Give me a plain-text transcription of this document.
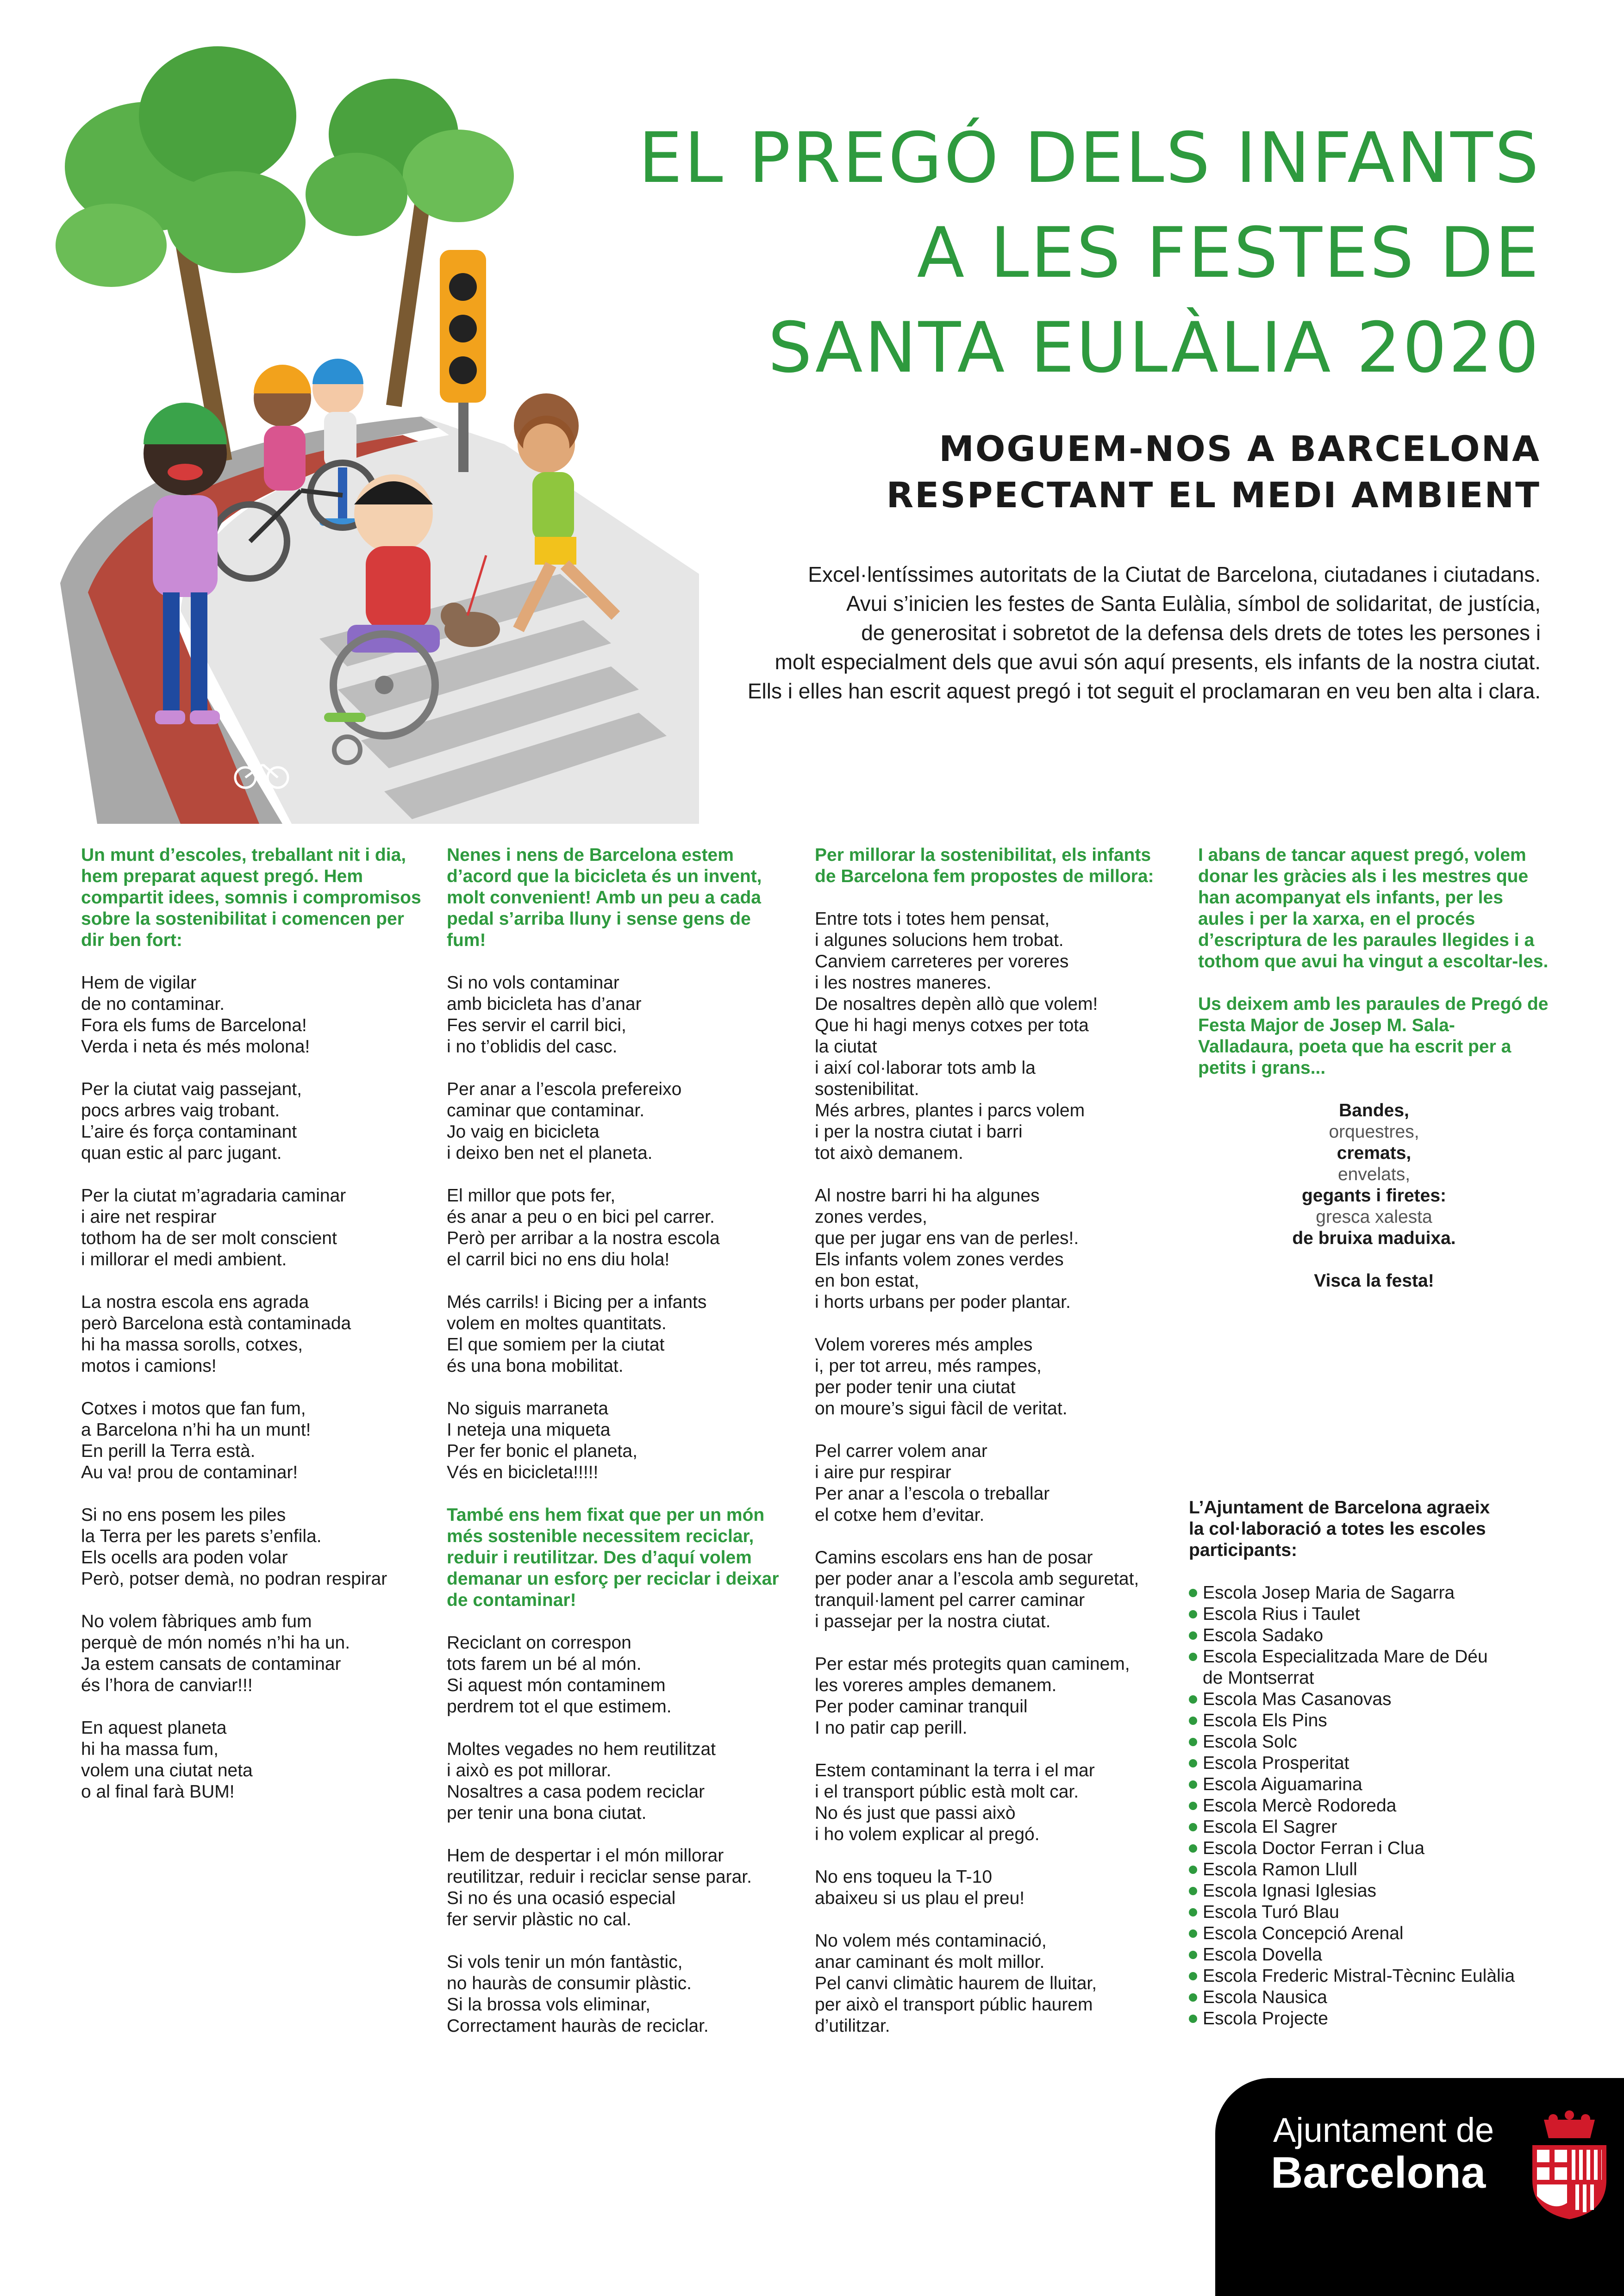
EL PREGÓ DELS INFANTS
A LES FESTES DE
SANTA EULÀLIA 2020
MOGUEM-NOS A BARCELONA
RESPECTANT EL MEDI AMBIENT
Excel·lentíssimes autoritats de la Ciutat de Barcelona, ciutadanes i ciutadans.
Avui s’inicien les festes de Santa Eulàlia, símbol de solidaritat, de justícia,
de generositat i sobretot de la defensa dels drets de totes les persones i
molt especialment dels que avui són aquí presents, els infants de la nostra ciutat.
Ells i elles han escrit aquest pregó i tot seguit el proclamaran en veu ben alta i clara.

Un munt d’escoles, treballant nit i dia, hem preparat aquest pregó. Hem compartit idees, somnis i compromisos sobre la sostenibilitat i comencen per dir ben fort:

Hem de vigilar
de no contaminar.
Fora els fums de Barcelona!
Verda i neta és més molona!

Per la ciutat vaig passejant,
pocs arbres vaig trobant.
L’aire és força contaminant
quan estic al parc jugant.

Per la ciutat m’agradaria caminar
i aire net respirar
tothom ha de ser molt conscient
i millorar el medi ambient.

La nostra escola ens agrada
però Barcelona està contaminada
hi ha massa sorolls, cotxes,
motos i camions!

Cotxes i motos que fan fum,
a Barcelona n’hi ha un munt!
En perill la Terra està.
Au va! prou de contaminar!

Si no ens posem les piles
la Terra per les parets s’enfila.
Els ocells ara poden volar
Però, potser demà, no podran respirar

No volem fàbriques amb fum
perquè de món només n’hi ha un.
Ja estem cansats de contaminar
és l’hora de canviar!!!

En aquest planeta
hi ha massa fum,
volem una ciutat neta
o al final farà BUM!

Nenes i nens de Barcelona estem d’acord que la bicicleta és un invent, molt convenient! Amb un peu a cada pedal s’arriba lluny i sense gens de fum!

Si no vols contaminar
amb bicicleta has d’anar
Fes servir el carril bici,
i no t’oblidis del casc.

Per anar a l’escola prefereixo
caminar que contaminar.
Jo vaig en bicicleta
i deixo ben net el planeta.

El millor que pots fer,
és anar a peu o en bici pel carrer.
Però per arribar a la nostra escola
el carril bici no ens diu hola!

Més carrils! i Bicing per a infants
volem en moltes quantitats.
El que somiem per la ciutat
és una bona mobilitat.

No siguis marraneta
I neteja una miqueta
Per fer bonic el planeta,
Vés en bicicleta!!!!!

També ens hem fixat que per un món més sostenible necessitem reciclar, reduir i reutilitzar. Des d’aquí volem demanar un esforç per reciclar i deixar de contaminar!

Reciclant on correspon
tots farem un bé al món.
Si aquest món contaminem
perdrem tot el que estimem.

Moltes vegades no hem reutilitzat
i això es pot millorar.
Nosaltres a casa podem reciclar
per tenir una bona ciutat.

Hem de despertar i el món millorar
reutilitzar, reduir i reciclar sense parar.
Si no és una ocasió especial
fer servir plàstic no cal.

Si vols tenir un món fantàstic,
no hauràs de consumir plàstic.
Si la brossa vols eliminar,
Correctament hauràs de reciclar.

Per millorar la sostenibilitat, els infants de Barcelona fem propostes de millora:

Entre tots i totes hem pensat,
i algunes solucions hem trobat.
Canviem carreteres per voreres
i les nostres maneres.
De nosaltres depèn allò que volem!
Que hi hagi menys cotxes per tota
la ciutat
i així col·laborar tots amb la
sostenibilitat.
Més arbres, plantes i parcs volem
i per la nostra ciutat i barri
tot això demanem.

Al nostre barri hi ha algunes
zones verdes,
que per jugar ens van de perles!.
Els infants volem zones verdes
en bon estat,
i horts urbans per poder plantar.

Volem voreres més amples
i, per tot arreu, més rampes,
per poder tenir una ciutat
on moure’s sigui fàcil de veritat.

Pel carrer volem anar
i aire pur respirar
Per anar a l’escola o treballar
el cotxe hem d’evitar.

Camins escolars ens han de posar
per poder anar a l’escola amb seguretat,
tranquil·lament pel carrer caminar
i passejar per la nostra ciutat.

Per estar més protegits quan caminem,
les voreres amples demanem.
Per poder caminar tranquil
I no patir cap perill.

Estem contaminant la terra i el mar
i el transport públic està molt car.
No és just que passi això
i ho volem explicar al pregó.

No ens toqueu la T-10
abaixeu si us plau el preu!

No volem més contaminació,
anar caminant és molt millor.
Pel canvi climàtic haurem de lluitar,
per això el transport públic haurem
d’utilitzar.

I abans de tancar aquest pregó, volem donar les gràcies als i les mestres que han acompanyat els infants, per les aules i per la xarxa, en el procés d’escriptura de les paraules llegides i a tothom que avui ha vingut a escoltar-les.

Us deixem amb les paraules de Pregó de Festa Major de Josep M. Sala-Valladaura, poeta que ha escrit per a petits i grans...

Bandes,
orquestres,
cremats,
envelats,
gegants i firetes:
gresca xalesta
de bruixa maduixa.
Visca la festa!
L’Ajuntament de Barcelona agraeix
la col·laboració a totes les escoles
participants:
Escola Josep Maria de Sagarra
Escola Rius i Taulet
Escola Sadako
Escola Especialitzada Mare de Déu
de Montserrat
Escola Mas Casanovas
Escola Els Pins
Escola Solc
Escola Prosperitat
Escola Aiguamarina
Escola Mercè Rodoreda
Escola El Sagrer
Escola Doctor Ferran i Clua
Escola Ramon Llull
Escola Ignasi Iglesias
Escola Turó Blau
Escola Concepció Arenal
Escola Dovella
Escola Frederic Mistral-Tècninc Eulàlia
Escola Nausica
Escola Projecte
Ajuntament de
Barcelona
